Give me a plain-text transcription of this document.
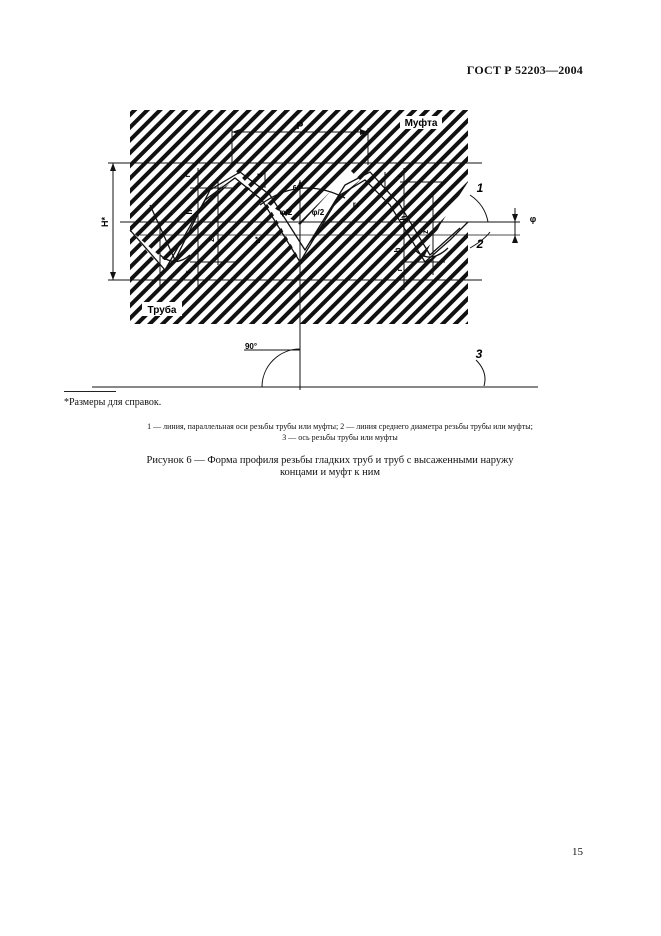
ГОСТ Р 52203—2004
Муфта
Труба
P
H*
φ/2 φ/2
60°
h*
φ
z
z
z
h
h
h
r
r
r
r
r₁
1
2
3
90°
*Размеры для справок.
1 — линия, параллельная оси резьбы трубы или муфты; 2 — линия среднего диаметра резьбы трубы или муфты;
3 — ось резьбы трубы или муфты
Рисунок 6 — Форма профиля резьбы гладких труб и труб с высаженными наружу
концами и муфт к ним
15
